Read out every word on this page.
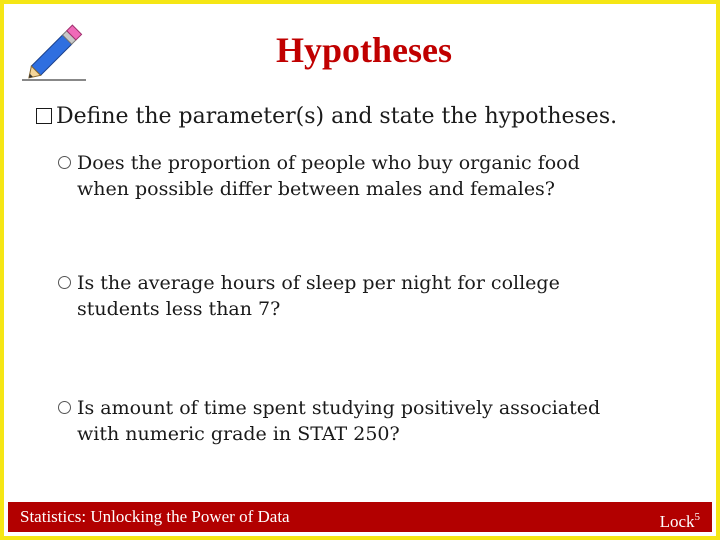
Hypotheses
Define the parameter(s) and state the hypotheses.
Does the proportion of people who buy organic food
when possible differ between males and females?
Is the average hours of sleep per night for college
students less than 7?
Is amount of time spent studying positively associated
with numeric grade in STAT 250?
Statistics: Unlocking the Power of Data	Lock$^5$
